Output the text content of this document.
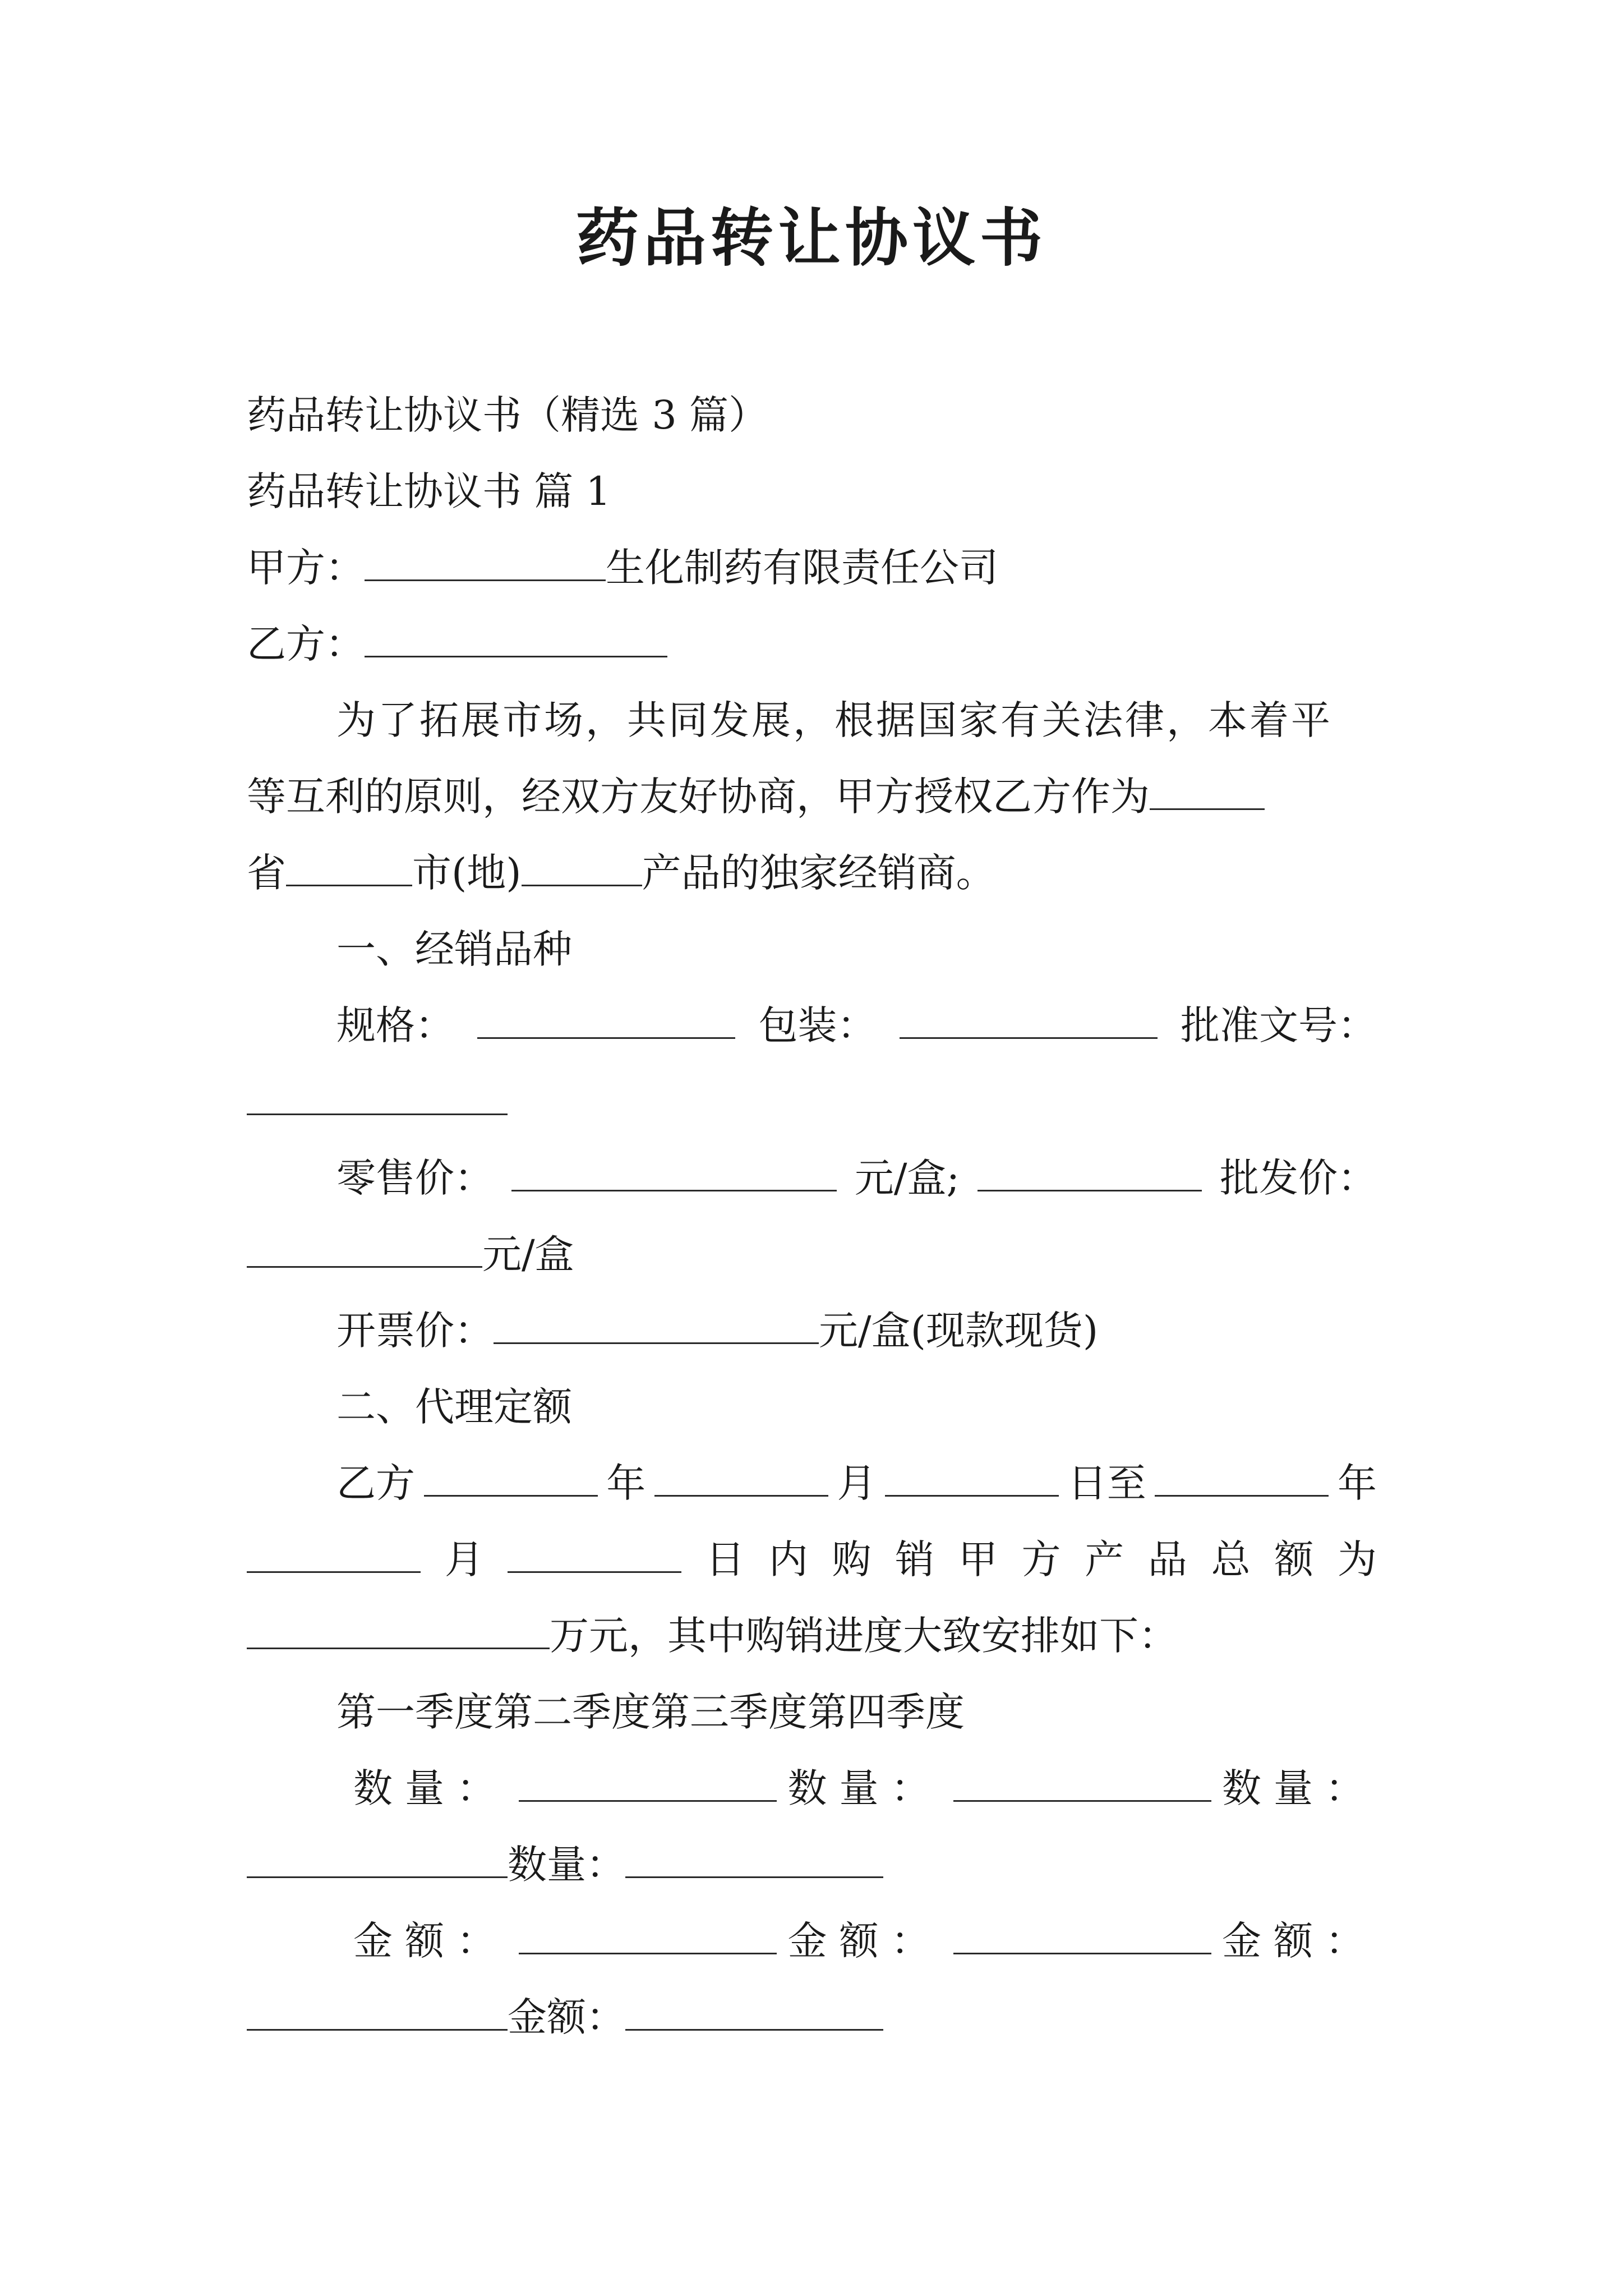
药品转让协议书
药品转让协议书（精选 3 篇）
药品转让协议书 篇 1
甲方：	生化制药有限责任公司
乙方：
为了拓展市场，共同发展，根据国家有关法律，本着平
等互利的原则，经双方友好协商，甲方授权乙方作为
省	市(地)	产品的独家经销商。
一、经销品种
规格：	包装：	批准文号：
零售价：	元/盒;	批发价：
元/盒
开票价：	元/盒(现款现货)
二、代理定额
乙方	年	月	日至	年
月	日 内 购 销 甲 方 产 品 总 额 为
万元，其中购销进度大致安排如下：
第一季度第二季度第三季度第四季度
数量：	数量：	数量：
数量：
金额：	金额：	金额：
金额：
